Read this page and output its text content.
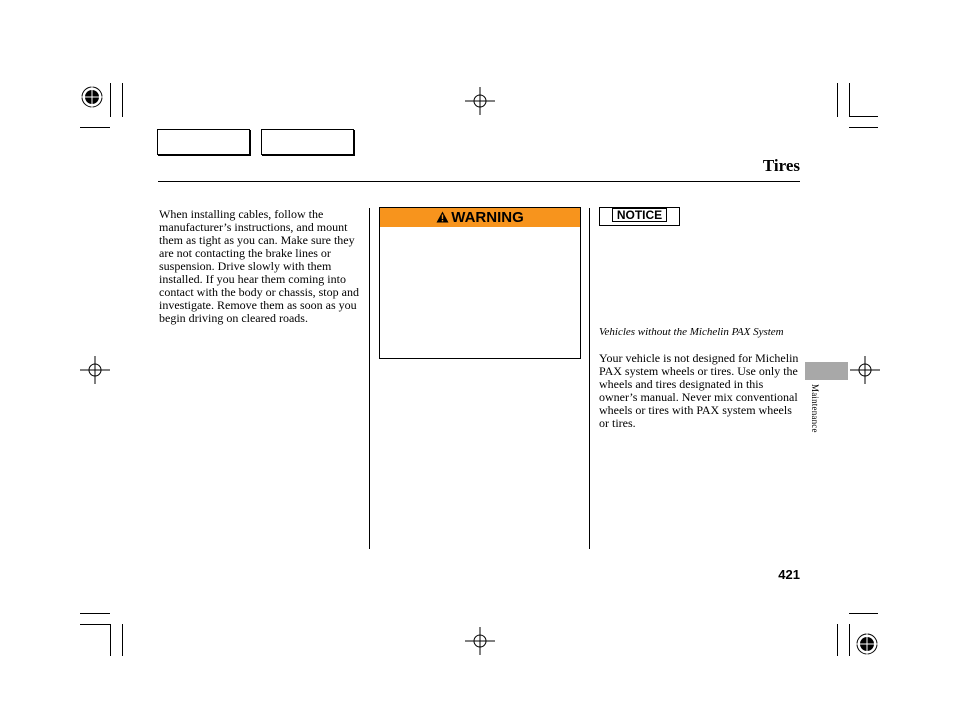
Tires
When installing cables, follow the manufacturer’s instructions, and mount them as tight as you can. Make sure they are not contacting the brake lines or suspension. Drive slowly with them installed. If you hear them coming into contact with the body or chassis, stop and investigate. Remove them as soon as you begin driving on cleared roads.
WARNING	NOTICE
Vehicles without the Michelin PAX System
Your vehicle is not designed for Michelin PAX system wheels or tires. Use only the wheels and tires designated in this owner’s manual. Never mix conventional wheels or tires with PAX system wheels or tires.	Maintenance
421
